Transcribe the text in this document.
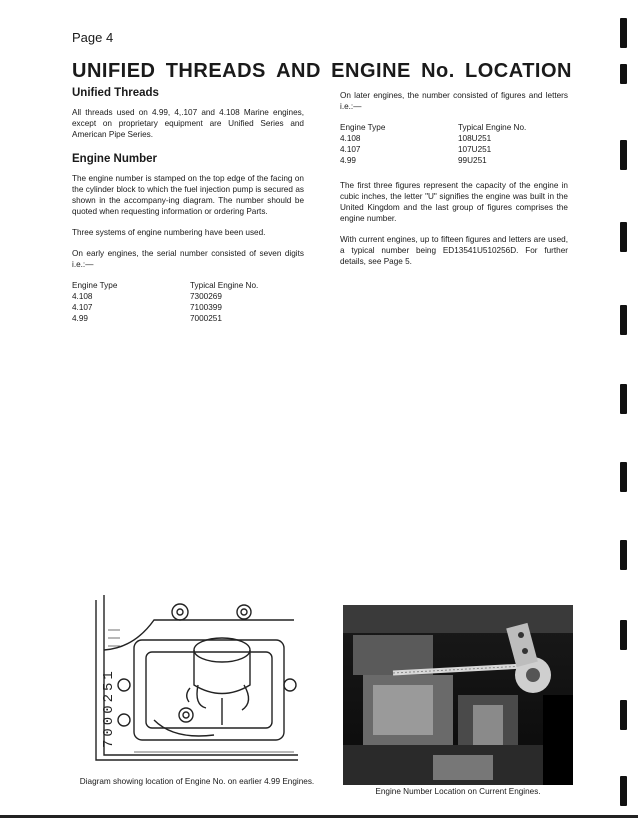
Page 4
UNIFIED THREADS AND ENGINE No. LOCATION
Unified Threads

All threads used on 4.99, 4,.107 and 4.108 Marine engines, except on proprietary equipment are Unified Series and American Pipe Series.

Engine Number

The engine number is stamped on the top edge of the facing on the cylinder block to which the fuel injection pump is secured as shown in the accompany-ing diagram. The number should be quoted when requesting information or ordering Parts.

Three systems of engine numbering have been used.

On early engines, the serial number consisted of seven digits i.e.:—

Engine Type	Typical Engine No.
4.108	7300269
4.107	7100399
4.99	7000251

On later engines, the number consisted of figures and letters i.e.:—

Engine Type	Typical Engine No.
4.108	108U251
4.107	107U251
4.99	99U251

The first three figures represent the capacity of the engine in cubic inches, the letter "U" signifies the engine was built in the United Kingdom and the last group of figures comprises the engine number.

With current engines, up to fifteen figures and letters are used, a typical number being ED13541U510256D. For further details, see Page 5.

7000251
Diagram showing location of Engine No. on earlier 4.99 Engines.
Engine Number Location on Current Engines.
